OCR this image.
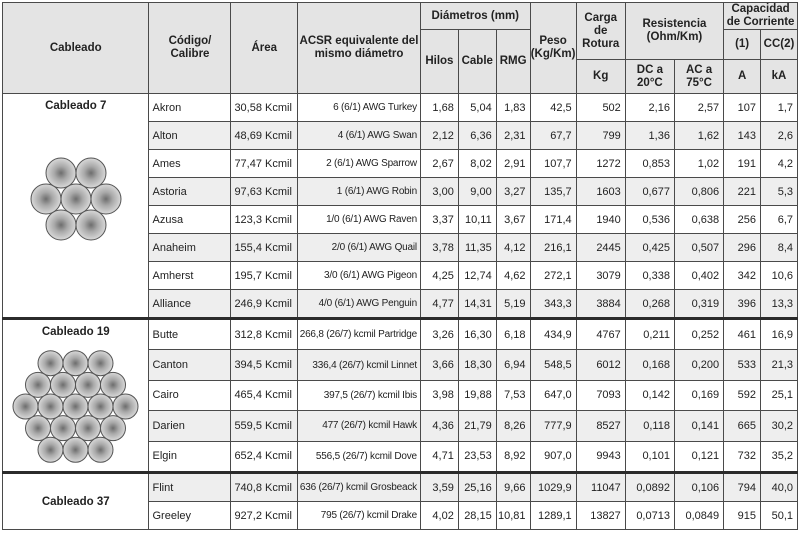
Cableado	Código/ Calibre	Área	ACSR equivalente del mismo diámetro	Diámetros (mm)			Peso (Kg/Km)	Carga de Rotura	Resistencia (Ohm/Km)		Capacidad de Corriente	
				Hilos	Cable	RMG					(1)	CC(2)
								Kg	DC a 20°C	AC a 75°C	A	kA

Cableado 7	Akron	30,58 Kcmil	6 (6/1) AWG Turkey	1,68	5,04	1,83	42,5	502	2,16	2,57	107	1,7
	Alton	48,69 Kcmil	4 (6/1) AWG Swan	2,12	6,36	2,31	67,7	799	1,36	1,62	143	2,6
	Ames	77,47 Kcmil	2 (6/1) AWG Sparrow	2,67	8,02	2,91	107,7	1272	0,853	1,02	191	4,2
	Astoria	97,63 Kcmil	1 (6/1) AWG Robin	3,00	9,00	3,27	135,7	1603	0,677	0,806	221	5,3
	Azusa	123,3 Kcmil	1/0 (6/1) AWG Raven	3,37	10,11	3,67	171,4	1940	0,536	0,638	256	6,7
	Anaheim	155,4 Kcmil	2/0 (6/1) AWG Quail	3,78	11,35	4,12	216,1	2445	0,425	0,507	296	8,4
	Amherst	195,7 Kcmil	3/0 (6/1) AWG Pigeon	4,25	12,74	4,62	272,1	3079	0,338	0,402	342	10,6
	Alliance	246,9 Kcmil	4/0 (6/1) AWG Penguin	4,77	14,31	5,19	343,3	3884	0,268	0,319	396	13,3

Cableado 19	Butte	312,8 Kcmil	266,8 (26/7) kcmil Partridge	3,26	16,30	6,18	434,9	4767	0,211	0,252	461	16,9
	Canton	394,5 Kcmil	336,4 (26/7) kcmil Linnet	3,66	18,30	6,94	548,5	6012	0,168	0,200	533	21,3
	Cairo	465,4 Kcmil	397,5 (26/7) kcmil Ibis	3,98	19,88	7,53	647,0	7093	0,142	0,169	592	25,1
	Darien	559,5 Kcmil	477 (26/7) kcmil Hawk	4,36	21,79	8,26	777,9	8527	0,118	0,141	665	30,2
	Elgin	652,4 Kcmil	556,5 (26/7) kcmil Dove	4,71	23,53	8,92	907,0	9943	0,101	0,121	732	35,2

Cableado 37	Flint	740,8 Kcmil	636 (26/7) kcmil Grosbeack	3,59	25,16	9,66	1029,9	11047	0,0892	0,106	794	40,0
	Greeley	927,2 Kcmil	795 (26/7) kcmil Drake	4,02	28,15	10,81	1289,1	13827	0,0713	0,0849	915	50,1
